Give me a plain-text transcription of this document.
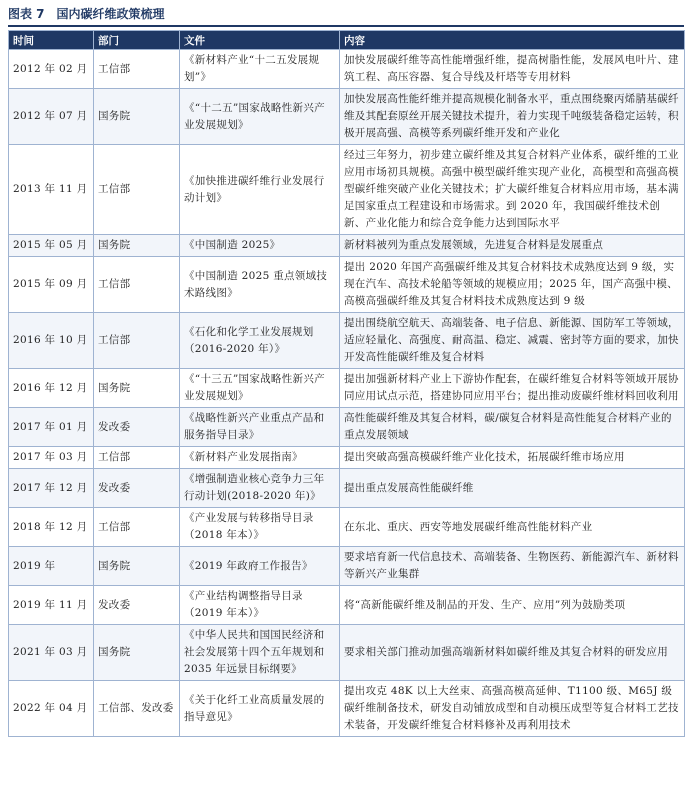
图表 7 国内碳纤维政策梳理
时间	部门	文件	内容
2012 年 02 月	工信部	《新材料产业“十二五发展规划”》	加快发展碳纤维等高性能增强纤维，提高树脂性能，发展风电叶片、建筑工程、高压容器、复合导线及杆塔等专用材料
2012 年 07 月	国务院	《“十二五”国家战略性新兴产业发展规划》	加快发展高性能纤维并提高规模化制备水平，重点围绕聚丙烯腈基碳纤维及其配套原丝开展关键技术提升，着力实现千吨级装备稳定运转，积极开展高强、高模等系列碳纤维开发和产业化
2013 年 11 月	工信部	《加快推进碳纤维行业发展行动计划》	经过三年努力，初步建立碳纤维及其复合材料产业体系，碳纤维的工业应用市场初具规模。高强中模型碳纤维实现产业化，高模型和高强高模型碳纤维突破产业化关键技术；扩大碳纤维复合材料应用市场，基本满足国家重点工程建设和市场需求。到 2020 年，我国碳纤维技术创新、产业化能力和综合竞争能力达到国际水平
2015 年 05 月	国务院	《中国制造 2025》	新材料被列为重点发展领域，先进复合材料是发展重点
2015 年 09 月	工信部	《中国制造 2025 重点领域技术路线图》	提出 2020 年国产高强碳纤维及其复合材料技术成熟度达到 9 级，实现在汽车、高技术轮船等领域的规模应用；2025 年，国产高强中模、高模高强碳纤维及其复合材料技术成熟度达到 9 级
2016 年 10 月	工信部	《石化和化学工业发展规划（2016-2020 年）》	提出围绕航空航天、高端装备、电子信息、新能源、国防军工等领域，适应轻量化、高强度、耐高温、稳定、减震、密封等方面的要求，加快开发高性能碳纤维及复合材料
2016 年 12 月	国务院	《“十三五”国家战略性新兴产业发展规划》	提出加强新材料产业上下游协作配套，在碳纤维复合材料等领域开展协同应用试点示范，搭建协同应用平台；提出推动废碳纤维材料回收利用
2017 年 01 月	发改委	《战略性新兴产业重点产品和服务指导目录》	高性能碳纤维及其复合材料，碳/碳复合材料是高性能复合材料产业的重点发展领域
2017 年 03 月	工信部	《新材料产业发展指南》	提出突破高强高模碳纤维产业化技术，拓展碳纤维市场应用
2017 年 12 月	发改委	《增强制造业核心竞争力三年行动计划(2018-2020 年)》	提出重点发展高性能碳纤维
2018 年 12 月	工信部	《产业发展与转移指导目录（2018 年本）》	在东北、重庆、西安等地发展碳纤维高性能材料产业
2019 年	国务院	《2019 年政府工作报告》	要求培育新一代信息技术、高端装备、生物医药、新能源汽车、新材料等新兴产业集群
2019 年 11 月	发改委	《产业结构调整指导目录（2019 年本）》	将“高新能碳纤维及制品的开发、生产、应用”列为鼓励类项
2021 年 03 月	国务院	《中华人民共和国国民经济和社会发展第十四个五年规划和 2035 年远景目标纲要》	要求相关部门推动加强高端新材料如碳纤维及其复合材料的研发应用
2022 年 04 月	工信部、发改委	《关于化纤工业高质量发展的指导意见》	提出攻克 48K 以上大丝束、高强高模高延伸、T1100 级、M65J 级碳纤维制备技术，研发自动铺放成型和自动模压成型等复合材料工艺技术装备，开发碳纤维复合材料修补及再利用技术
